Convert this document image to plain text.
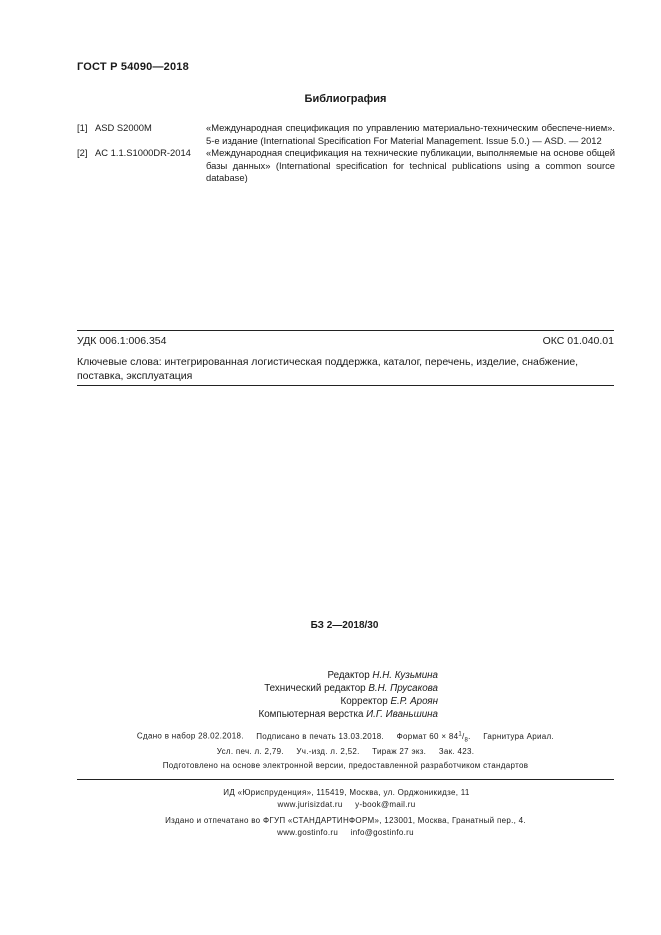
ГОСТ Р 54090—2018
Библиография
[1] ASD S2000M	«Международная спецификация по управлению материально-техническим обеспече-нием». 5-е издание (International Specification For Material Management. Issue 5.0.) — ASD. — 2012
[2] AC 1.1.S1000DR-2014	«Международная спецификация на технические публикации, выполняемые на основе общей базы данных» (International specification for technical publications using a common source database)
УДК 006.1:006.354	ОКС 01.040.01
Ключевые слова: интегрированная логистическая поддержка, каталог, перечень, изделие, снабжение, поставка, эксплуатация
БЗ 2—2018/30
Редактор Н.Н. Кузьмина
Технический редактор В.Н. Прусакова
Корректор Е.Р. Ароян
Компьютерная верстка И.Г. Иваньшина
Сдано в набор 28.02.2018. Подписано в печать 13.03.2018. Формат $60 \times 84^1/_8$. Гарнитура Ариал.
Усл. печ. л. 2,79. Уч.-изд. л. 2,52. Тираж 27 экз. Зак. 423.
Подготовлено на основе электронной версии, предоставленной разработчиком стандартов
ИД «Юриспруденция», 115419, Москва, ул. Орджоникидзе, 11
www.jurisizdat.ru y-book@mail.ru
Издано и отпечатано во ФГУП «СТАНДАРТИНФОРМ», 123001, Москва, Гранатный пер., 4.
www.gostinfo.ru info@gostinfo.ru
